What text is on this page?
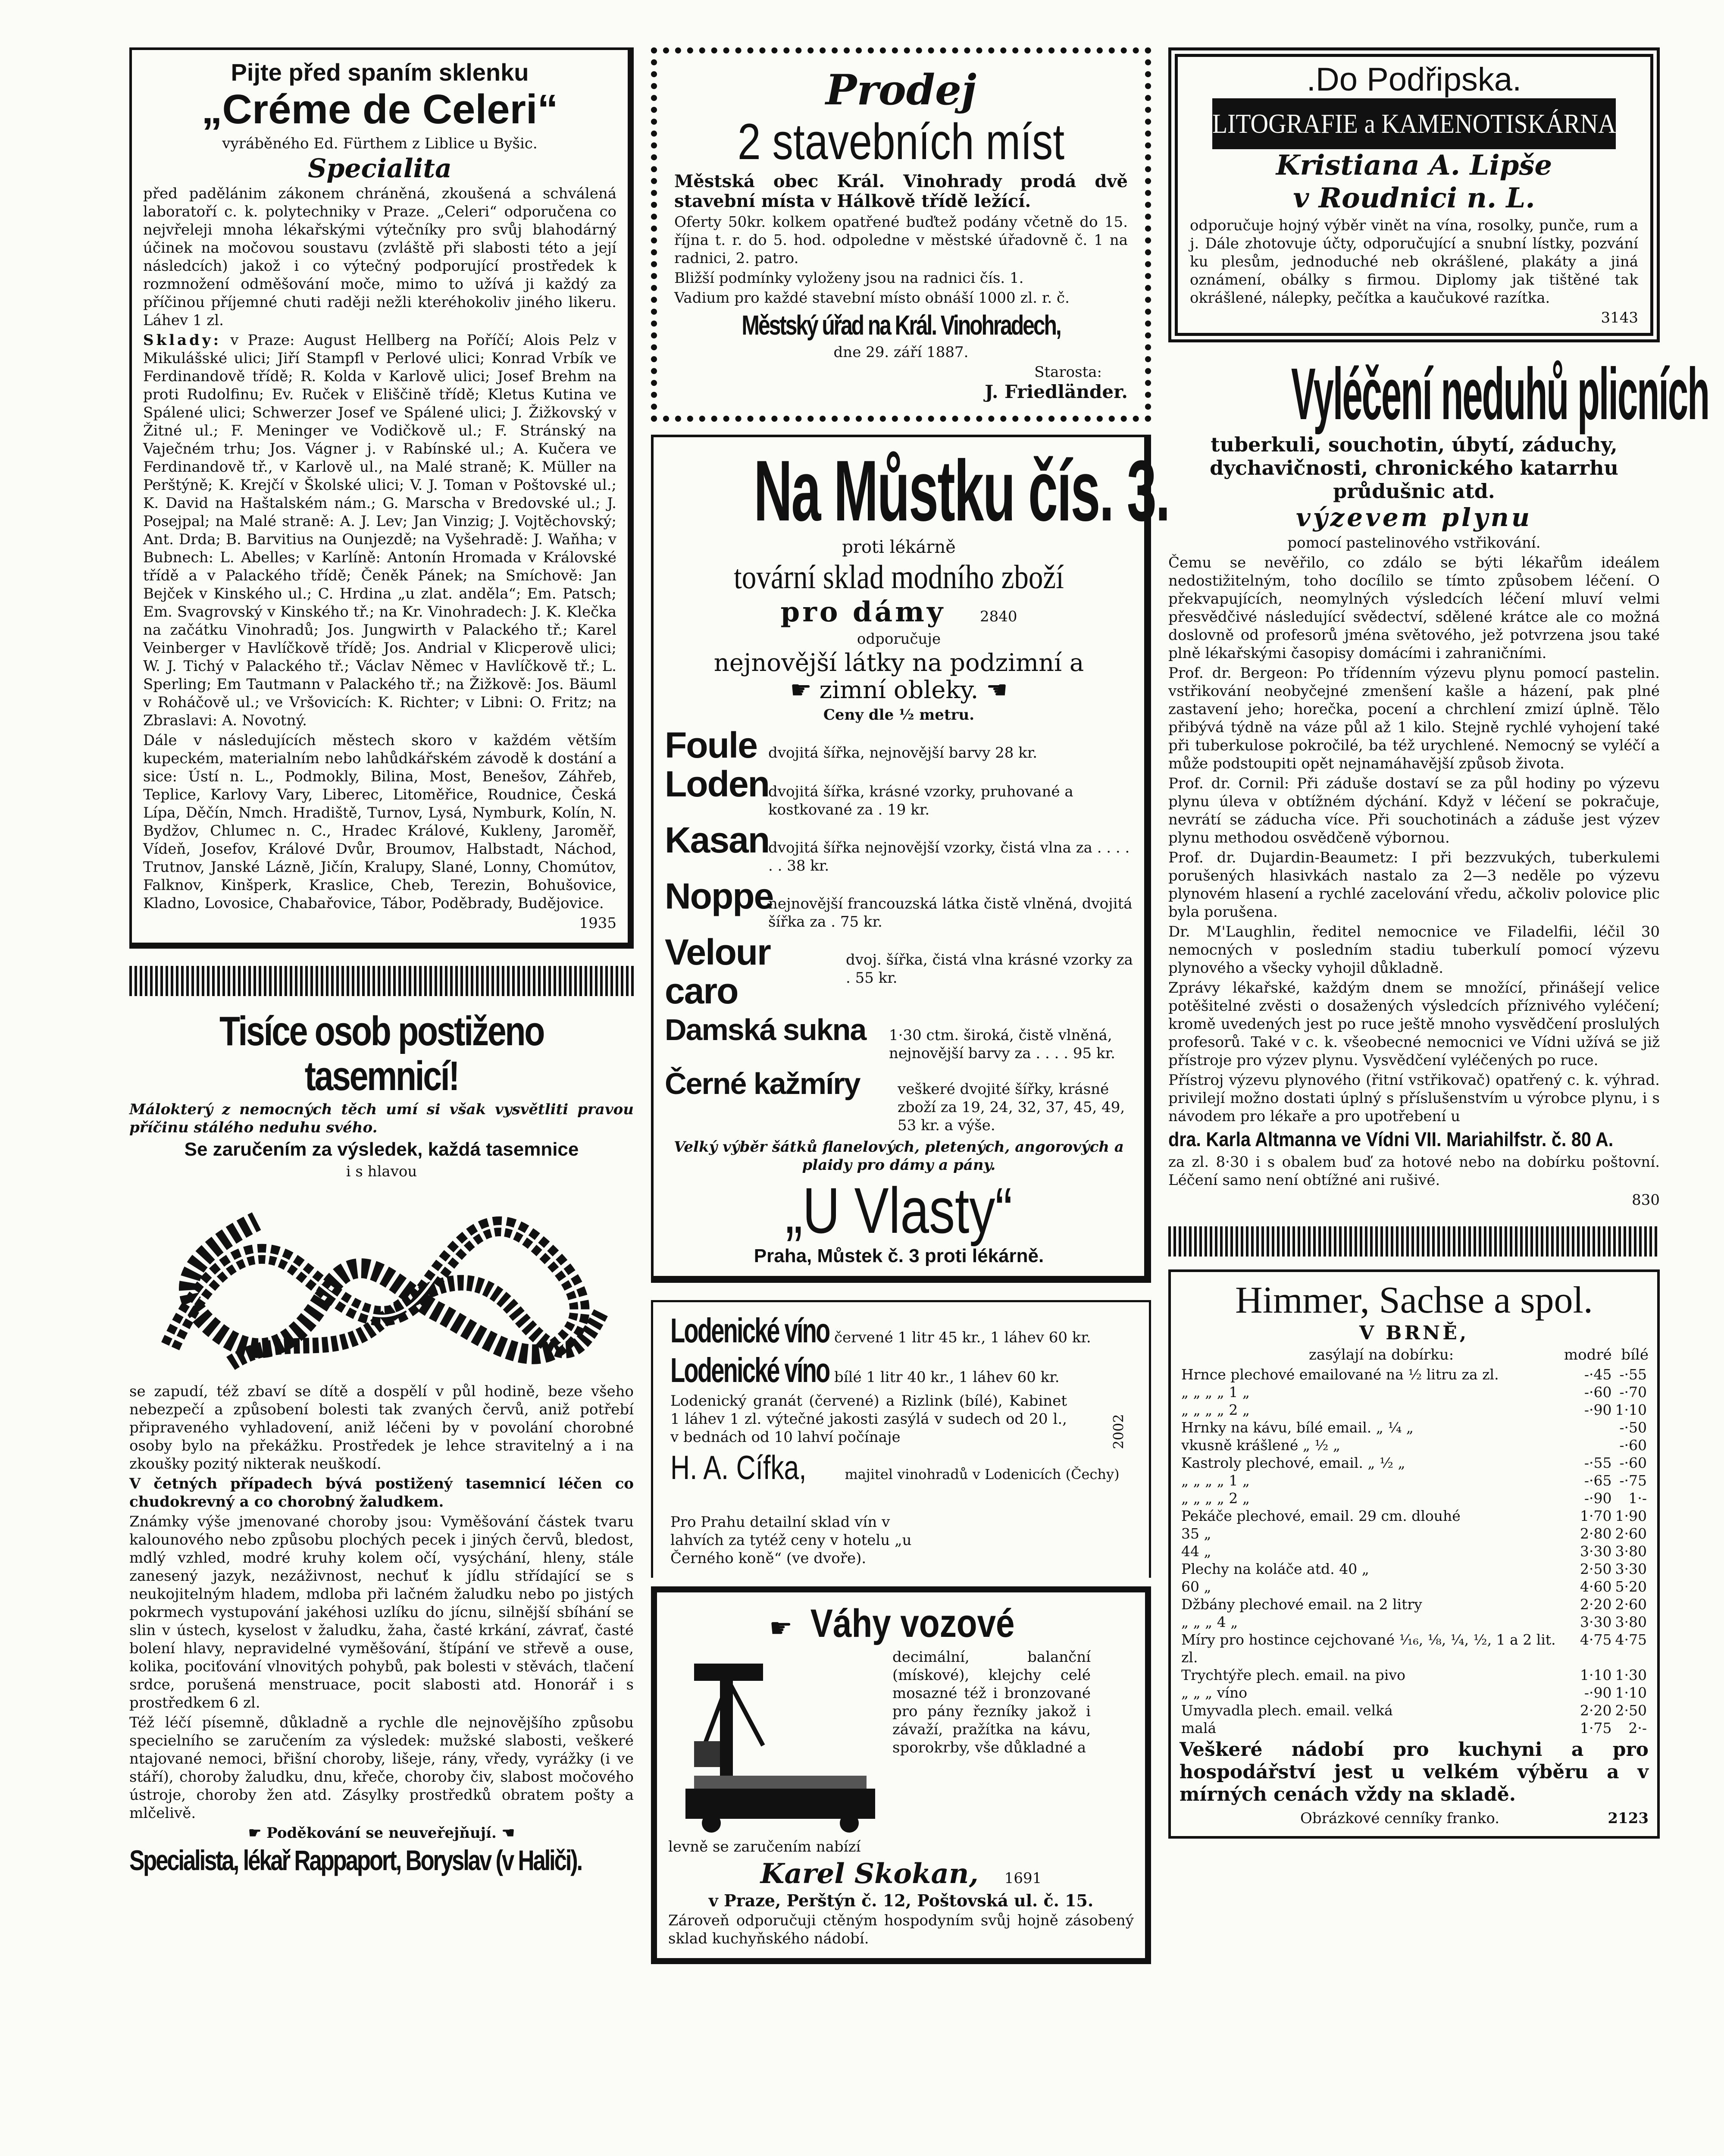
Pijte před spaním sklenku
„Créme de Celeri“
vyráběného Ed. Fürthem z Liblice u Byšic.
Specialita
před padělánim zákonem chráněná, zkoušená a schválená laboratoří c. k. polytechniky v Praze. „Celeri“ odporučena co nejvřeleji mnoha lékařskými výtečníky pro svůj blahodárný účinek na močovou soustavu (zvláště při slabosti této a její následcích) jakož i co výtečný podporující prostředek k rozmnožení odměšování moče, mimo to užívá ji každý za příčinou příjemné chuti raději nežli kteréhokoliv jiného likeru. Láhev 1 zl.
Sklady: v Praze: August Hellberg na Poříčí; Alois Pelz v Mikulášské ulici; Jiří Stampfl v Perlové ulici; Konrad Vrbík ve Ferdinandově třídě; R. Kolda v Karlově ulici; Josef Brehm na proti Rudolfinu; Ev. Ruček v Eliščině třídě; Kletus Kutina ve Spálené ulici; Schwerzer Josef ve Spálené ulici; J. Žižkovský v Žitné ul.; F. Meninger ve Vodičkově ul.; F. Stránský na Vaječném trhu; Jos. Vágner j. v Rabínské ul.; A. Kučera ve Ferdinandově tř., v Karlově ul., na Malé straně; K. Müller na Perštýně; K. Krejčí v Školské ulici; V. J. Toman v Poštovské ul.; K. David na Haštalském nám.; G. Marscha v Bredovské ul.; J. Posejpal; na Malé straně: A. J. Lev; Jan Vinzig; J. Vojtěchovský; Ant. Drda; B. Barvitius na Ounjezdě; na Vyšehradě: J. Waňha; v Bubnech: L. Abelles; v Karlíně: Antonín Hromada v Královské třídě a v Palackého třídě; Čeněk Pánek; na Smíchově: Jan Bejček v Kinského ul.; C. Hrdina „u zlat. anděla“; Em. Patsch; Em. Svagrovský v Kinského tř.; na Kr. Vinohradech: J. K. Klečka na začátku Vinohradů; Jos. Jungwirth v Palackého tř.; Karel Veinberger v Havlíčkově třídě; Jos. Andrial v Klicperově ulici; W. J. Tichý v Palackého tř.; Václav Němec v Havlíčkově tř.; L. Sperling; Em Tautmann v Palackého tř.; na Žižkově: Jos. Bäuml v Roháčově ul.; ve Vršovicích: K. Richter; v Libni: O. Fritz; na Zbraslavi: A. Novotný.
Dále v následujících městech skoro v každém větším kupeckém, materialním nebo lahůdkářském závodě k dostání a sice: Ústí n. L., Podmokly, Bilina, Most, Benešov, Záhřeb, Teplice, Karlovy Vary, Liberec, Litoměřice, Roudnice, Česká Lípa, Děčín, Nmch. Hradiště, Turnov, Lysá, Nymburk, Kolín, N. Bydžov, Chlumec n. C., Hradec Králové, Kukleny, Jaroměř, Vídeň, Josefov, Králové Dvůr, Broumov, Halbstadt, Náchod, Trutnov, Janské Lázně, Jičín, Kralupy, Slané, Lonny, Chomútov, Falknov, Kinšperk, Kraslice, Cheb, Terezin, Bohušovice, Kladno, Lovosice, Chabařovice, Tábor, Poděbrady, Budějovice.
1935
Tisíce osob postiženo tasemnicí!
Málokterý z nemocných těch umí si však vysvětliti pravou příčinu stálého neduhu svého.
Se zaručením za výsledek, každá tasemnice
i s hlavou
se zapudí, též zbaví se dítě a dospělí v půl hodině, beze všeho nebezpečí a způsobení bolesti tak zvaných červů, aniž potřebí připraveného vyhladovení, aniž léčeni by v povolání chorobné osoby bylo na překážku. Prostředek je lehce stravitelný a i na zkoušky pozitý nikterak neuškodí.
V četných případech bývá postižený tasemnicí léčen co chudokrevný a co chorobný žaludkem.
Známky výše jmenované choroby jsou: Vyměšování částek tvaru kalounového nebo způsobu plochých pecek i jiných červů, bledost, mdlý vzhled, modré kruhy kolem očí, vysýchání, hleny, stále zanesený jazyk, nezáživnost, nechuť k jídlu střídající se s neukojitelným hladem, mdloba při lačném žaludku nebo po jistých pokrmech vystupování jakéhosi uzlíku do jícnu, silnější sbíhání se slin v ústech, kyselost v žaludku, žaha, časté krkání, závrať, časté bolení hlavy, nepravidelné vyměšování, štípání ve střevě a ouse, kolika, pociťování vlnovitých pohybů, pak bolesti v stěvách, tlačení srdce, porušená menstruace, pocit slabosti atd. Honorář i s prostředkem 6 zl.
Též léčí písemně, důkladně a rychle dle nejnovějšího způsobu specielního se zaručením za výsledek: mužské slabosti, veškeré ntajované nemoci, břišní choroby, lišeje, rány, vředy, vyrážky (i ve stáří), choroby žaludku, dnu, křeče, choroby čiv, slabost močového ústroje, choroby žen atd. Zásylky prostředků obratem pošty a mlčelivě.
☛ Poděkování se neuveřejňují. ☚
Specialista, lékař Rappaport, Boryslav (v Haliči).
Prodej
2 stavebních míst
Městská obec Král. Vinohrady prodá dvě stavební místa v Hálkově třídě ležící.
Oferty 50kr. kolkem opatřené buďtež podány včetně do 15. října t. r. do 5. hod. odpoledne v městské úřadovně č. 1 na radnici, 2. patro.
Bližší podmínky vyloženy jsou na radnici čís. 1.
Vadium pro každé stavební místo obnáší 1000 zl. r. č.
Městský úřad na Král. Vinohradech,
dne 29. září 1887.
Starosta:
J. Friedländer.
Na Můstku čís. 3.
proti lékárně
tovární sklad modního zboží
pro dámy 2840
odporučuje
nejnovější látky na podzimní a
☛ zimní obleky. ☚
Ceny dle ½ metru.
Foule dvojitá šířka, nejnovější barvy 28 kr.
Loden
dvojitá šířka, krásné vzorky, pruhované a kostkované za . 19 kr.
Kasan
dvojitá šířka nejnovější vzorky, čistá vlna za . . . . . . 38 kr.
Noppe
nejnovější francouzská látka čistě vlněná, dvojitá šířka za . 75 kr.
Velour caro
dvoj. šířka, čistá vlna krásné vzorky za . 55 kr.
Damská sukna	1·30 ctm. široká, čistě vlněná, nejnovější barvy za . . . . 95 kr.
Černé kažmíry	veškeré dvojité šířky, krásné zboží za 19, 24, 32, 37, 45, 49, 53 kr. a výše.
Velký výběr šátků flanelových, pletených, angorových a plaidy pro dámy a pány.
„U Vlasty“
Praha, Můstek č. 3 proti lékárně.
Lodenické víno červené 1 litr 45 kr., 1 láhev 60 kr.
Lodenické víno bílé 1 litr 40 kr., 1 láhev 60 kr.
Lodenický granát (červené) a Rizlink (bílé), Kabinet 1 láhev 1 zl. výtečné jakosti zasýlá v sudech od 20 l., v bednách od 10 lahví počínaje
H. A. Cífka,	majitel vinohradů v Lodenicích (Čechy)
2002
Pro Prahu detailní sklad vín v lahvích za tytéž ceny v hotelu „u Černého koně“ (ve dvoře).
☛ Váhy vozové
decimální, balanční (mískové), klejchy celé mosazné též i bronzované pro pány řezníky jakož i závaží, pražítka na kávu, sporokrby, vše důkladné a
levně se zaručením nabízí
Karel Skokan, 1691
v Praze, Perštýn č. 12, Poštovská ul. č. 15.
Zároveň odporučuji ctěným hospodyním svůj hojně zásobený sklad kuchyňského nádobí.
.Do Podřipska.
LITOGRAFIE a KAMENOTISKÁRNA
Kristiana A. Lipše
v Roudnici n. L.
odporučuje hojný výběr vinět na vína, rosolky, punče, rum a j. Dále zhotovuje účty, odporučující a snubní lístky, pozvání ku plesům, jednoduché neb okrášlené, plakáty a jiná oznámení, obálky s firmou. Diplomy jak tištěné tak okrášlené, nálepky, pečítka a kaučukové razítka.
3143
Vyléčení neduhů plicních
tuberkuli, souchotin, úbytí, záduchy, dychavičnosti, chronického katarrhu průdušnic atd.
výzevem plynu
pomocí pastelinového vstřikování.
Čemu se nevěřilo, co zdálo se býti lékařům ideálem nedostižitelným, toho docílilo se tímto způsobem léčení. O překvapujících, neomylných výsledcích léčení mluví velmi přesvědčivé následující svědectví, sdělené krátce ale co možná doslovně od profesorů jména světového, jež potvrzena jsou také plně lékařskými časopisy domácími i zahraničními.
Prof. dr. Bergeon: Po třídenním výzevu plynu pomocí pastelin. vstřikování neobyčejné zmenšení kašle a házení, pak plné zastavení jeho; horečka, pocení a chrchlení zmizí úplně. Tělo přibývá týdně na váze půl až 1 kilo. Stejně rychlé vyhojení také při tuberkulose pokročilé, ba též urychlené. Nemocný se vyléčí a může podstoupiti opět nejnamáhavější způsob života.
Prof. dr. Cornil: Při záduše dostaví se za půl hodiny po výzevu plynu úleva v obtížném dýchání. Když v léčení se pokračuje, nevrátí se záducha více. Při souchotinách a záduše jest výzev plynu methodou osvědčeně výbornou.
Prof. dr. Dujardin-Beaumetz: I při bezzvukých, tuberkulemi porušených hlasivkách nastalo za 2—3 neděle po výzevu plynovém hlasení a rychlé zacelování vředu, ačkoliv polovice plic byla porušena.
Dr. M'Laughlin, ředitel nemocnice ve Filadelfii, léčil 30 nemocných v posledním stadiu tuberkulí pomocí výzevu plynového a všecky vyhojil důkladně.
Zprávy lékařské, každým dnem se množící, přinášejí velice potěšitelné zvěsti o dosažených výsledcích příznivého vyléčení; kromě uvedených jest po ruce ještě mnoho vysvědčení proslulých profesorů. Také v c. k. všeobecné nemocnici ve Vídni užívá se již přístroje pro výzev plynu. Vysvědčení vyléčených po ruce.
Přístroj výzevu plynového (řitní vstřikovač) opatřený c. k. výhrad. privilejí možno dostati úplný s příslušenstvím u výrobce plynu, i s návodem pro lékaře a pro upotřebení u
dra. Karla Altmanna ve Vídni VII. Mariahilfstr. č. 80 A.
za zl. 8·30 i s obalem buď za hotové nebo na dobírku poštovní. Léčení samo není obtížné ani rušivé.
830
Himmer, Sachse a spol.
V BRNĚ,
zasýlají na dobírku:	modré bílé
Hrnce plechové emailované na ½ litru za zl.	-·45	-·55
„ „ „ „ 1 „	-·60	-·70
„ „ „ „ 2 „	-·90	1·10
Hrnky na kávu, bílé email. „ ¼ „		-·50
vkusně krášlené „ ½ „		-·60
Kastroly plechové, email. „ ½ „	-·55	-·60
„ „ „ „ 1 „	-·65	-·75
„ „ „ „ 2 „	-·90	1·-
Pekáče plechové, email. 29 cm. dlouhé	1·70	1·90
35 „	2·80	2·60
44 „	3·30	3·80
Plechy na koláče atd. 40 „	2·50	3·30
60 „	4·60	5·20
Džbány plechové email. na 2 litry	2·20	2·60
„ „ „ 4 „	3·30	3·80
Míry pro hostince cejchované ¹⁄₁₆, ¹⁄₈, ¼, ½, 1 a 2 lit. zl.	4·75	4·75
Trychtýře plech. email. na pivo	1·10	1·30
„ „ „ víno	-·90	1·10
Umyvadla plech. email. velká	2·20	2·50
malá	1·75	2·-
Veškeré nádobí pro kuchyni a pro hospodářství jest u velkém výběru a v mírných cenách vždy na skladě.
Obrázkové cenníky franko.	2123
